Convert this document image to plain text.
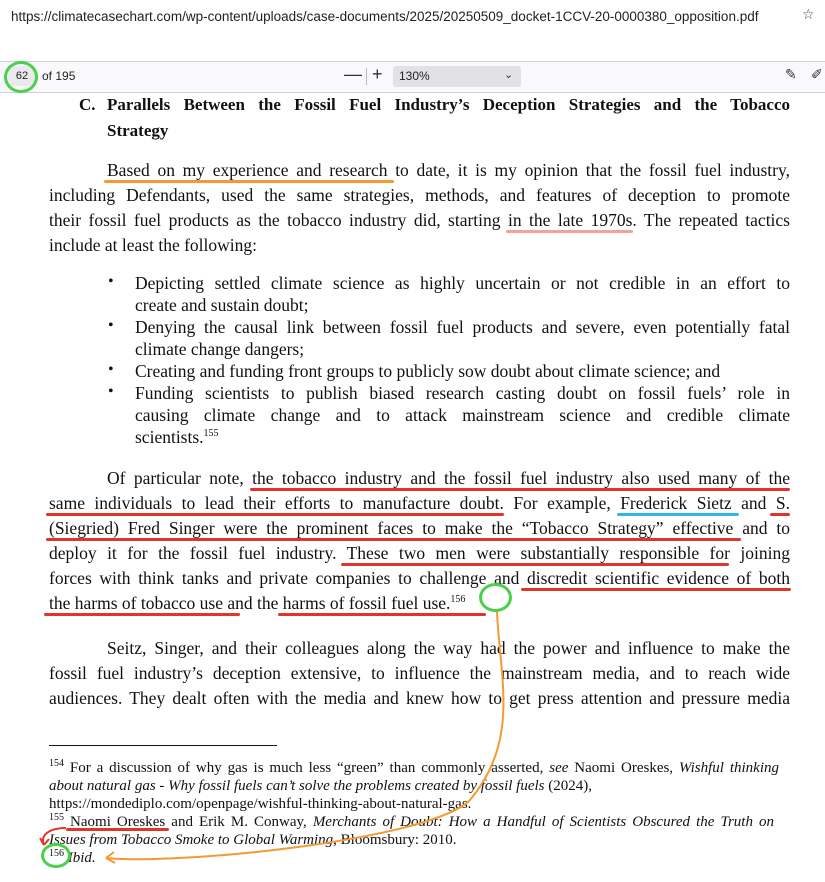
https://climatecasechart.com/wp-content/uploads/case-documents/2025/20250509_docket-1CCV-20-0000380_opposition.pdf	☆
62	of 195	— + 130%	⌄	✎ ✐
C. Parallels Between the Fossil Fuel Industry’s Deception Strategies and the Tobacco
Strategy
Based on my experience and research to date, it is my opinion that the fossil fuel industry,
including Defendants, used the same strategies, methods, and features of deception to promote
their fossil fuel products as the tobacco industry did, starting in the late 1970s. The repeated tactics
include at least the following:
• Depicting settled climate science as highly uncertain or not credible in an effort to
create and sustain doubt;
• Denying the causal link between fossil fuel products and severe, even potentially fatal
climate change dangers;
• Creating and funding front groups to publicly sow doubt about climate science; and
• Funding scientists to publish biased research casting doubt on fossil fuels’ role in
causing climate change and to attack mainstream science and credible climate
scientists.$^{155}$
Of particular note, the tobacco industry and the fossil fuel industry also used many of the
same individuals to lead their efforts to manufacture doubt. For example, Frederick Sietz and S.
(Siegried) Fred Singer were the prominent faces to make the “Tobacco Strategy” effective and to
deploy it for the fossil fuel industry. These two men were substantially responsible for joining
forces with think tanks and private companies to challenge and discredit scientific evidence of both
the harms of tobacco use and the harms of fossil fuel use.$^{156}$
Seitz, Singer, and their colleagues along the way had the power and influence to make the
fossil fuel industry’s deception extensive, to influence the mainstream media, and to reach wide
audiences. They dealt often with the media and knew how to get press attention and pressure media
$^{154}$ For a discussion of why gas is much less “green” than commonly asserted, see Naomi Oreskes, Wishful thinking
about natural gas - Why fossil fuels can’t solve the problems created by fossil fuels (2024),
https://mondediplo.com/openpage/wishful-thinking-about-natural-gas.
$^{155}$ Naomi Oreskes and Erik M. Conway, Merchants of Doubt: How a Handful of Scientists Obscured the Truth on
Issues from Tobacco Smoke to Global Warming, Bloomsbury: 2010.
$^{156}$ Ibid.
